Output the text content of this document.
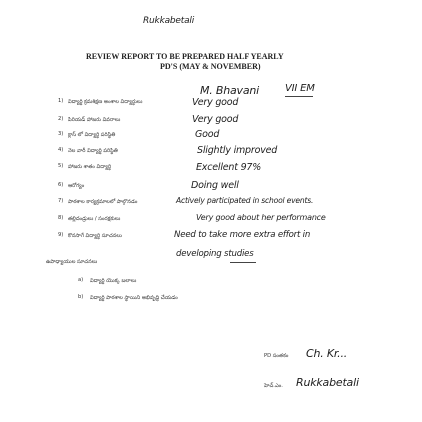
Rukkabetali
REVIEW REPORT TO BE PREPARED HALF YEARLY
PD'S (MAY & NOVEMBER)
M. Bhavani	VII EM
1) విద్యార్థి క్రమశిక్షణ అంశాల విద్యార్థులు	Very good
2) పిరియడ్ హాజరు వివరాలు	Very good
3) క్లాస్ లో విద్యార్థి పరిస్థితి	Good
4) నెల వారీ విద్యార్థి పరిస్థితి	Slightly improved
5) హాజరు శాతం విద్యార్థి	Excellent 97%
6) ఆరోగ్యం	Doing well
7) పాఠశాల కార్యక్రమాలలో పాల్గొనడం	Actively participated in school events.
8) తల్లిదండ్రులు / సంరక్షకులు	Very good about her performance
9) కొనసాగే విద్యార్థి సూచనలు	Need to take more extra effort in
developing studies
ఉపాధ్యాయుల సూచనలు
a) విద్యార్థి యొక్క బలాలు
b) విద్యార్థి పాఠశాల స్థాయిని అభివృద్ధి చేయడం
PD సంతకం Ch. Kr...
హెచ్.ఎం. Rukkabetali
